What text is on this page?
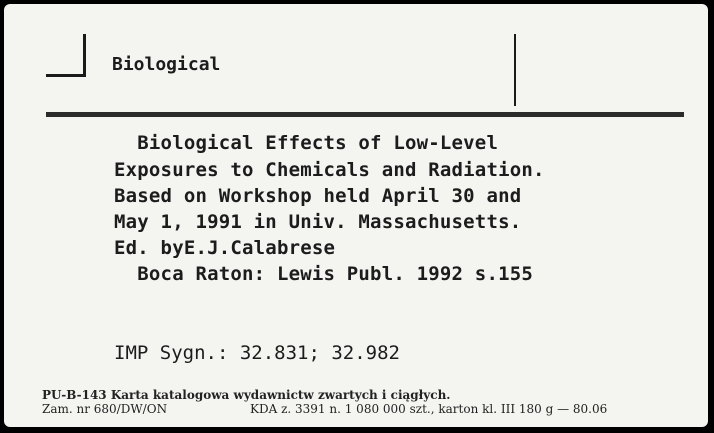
Biological
Biological Effects of Low-Level
Exposures to Chemicals and Radiation.
Based on Workshop held April 30 and
May 1, 1991 in Univ. Massachusetts.
Ed. byE.J.Calabrese
Boca Raton: Lewis Publ. 1992 s.155
IMP Sygn.: 32.831; 32.982
PU-B-143 Karta katalogowa wydawnictw zwartych i ciągłych.
Zam. nr 680/DW/ON	KDA z. 3391 n. 1 080 000 szt., karton kl. III 180 g — 80.06
